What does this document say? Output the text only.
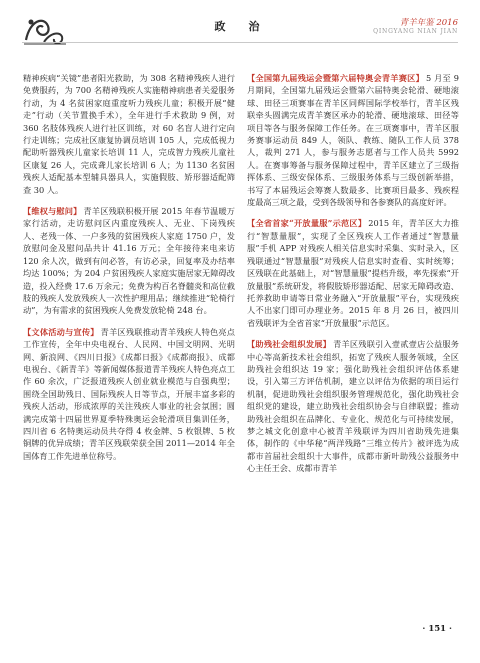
政　治	青羊年鉴 2016
QINGYANG NIAN JIAN

精神疾病“关镜”患者阳光救助，为 308 名精神残疾人进行免费服药，为 700 名精神残疾人实施精神病患者关爱服务行动，为 4 名贫困家庭重度听力残疾儿童；积极开展“健走”行动（关节置换手术），全年进行手术救助 9 例，对 360 名肢体残疾人进行社区训练，对 60 名盲人进行定向行走训练；完成社区康复协调员培训 105 人，完成低视力配助听器残疾儿童家长培训 11 人，完成智力残疾儿童社区康复 26 人，完成聋儿家长培训 6 人；为 1130 名贫困残疾人适配基本型辅具器具人，实施假肢、矫形器适配筛查 30 人。

【维权与慰问】 青羊区残联积极开展 2015 年春节温暖万家行活动，走访慰问区内重度残疾人、无业、下岗残疾人、老残一体、一户多残的贫困残疾人家庭 1750 户，发放慰问金及慰问品共计 41.16 万元；全年接待来电来访 120 余人次，做到有问必答，有访必录，回复率及办结率均达 100%；为 204 户贫困残疾人家庭实施居家无障碍改造，投入经费 17.6 万余元；免费为构百名脊髓炎和高位截肢的残疾人发放残疾人一次性护理用品；继续推进“轮椅行动”，为有需求的贫困残疾人免费发放轮椅 248 台。

【文体活动与宣传】 青羊区残联推动青羊残疾人特色亮点工作宣传，全年中央电视台、人民网、中国文明网、光明网、新浪网、《四川日报》《成都日报》《成都商报》、成都电视台、《新青羊》等新闻媒体报道青羊残疾人特色亮点工作 60 余次，广泛报道残疾人创业就业模范与自强典型；围绕全国助残日、国际残疾人日等节点，开展丰富多彩的残疾人活动，形成浓厚的关注残疾人事业的社会氛围；圆满完成第十四届世界夏季特殊奥运会轮滑项目集训任务，四川省 6 名特奥运动员共夺得 4 枚金牌、5 枚银牌、5 枚铜牌的优异成绩；青羊区残联荣获全国 2011—2014 年全国体育工作先进单位称号。

【全国第九届残运会暨第六届特奥会青羊赛区】 5 月至 9 月期间，全国第九届残运会暨第六届特奥会轮滑、硬地滚球、田径三项赛事在青羊区同辉国际学校举行，青羊区残联牵头圆满完成青羊赛区承办的轮滑、硬地滚球、田径等项目等各与服务保障工作任务。在三项赛事中，青羊区服务赛事运动员 849 人，领队、教练、随队工作人员 378 人，裁判 271 人，参与服务志愿者与工作人员共 5992 人。在赛事筹备与服务保障过程中，青羊区建立了三级指挥体系、三级安保体系、三级服务体系与三级创新举措，书写了本届残运会筹赛人数最多、比赛项目最多、残疾程度最高三项之最，受到各级领导和各参赛队的高度好评。

【全省首家“开放量服”示范区】 2015 年，青羊区大力推行“智慧量服”，实现了全区残疾人工作者通过“智慧量服”手机 APP 对残疾人相关信息实时采集、实时录入，区残联通过“智慧量服”对残疾人信息实时查看、实时统筹；区残联在此基础上，对“智慧量服”提档升级，率先探索“开放量服”系统研发，将假肢矫形器适配、居家无障碍改造、托养救助申请等日常业务融入“开放量服”平台，实现残疾人不出家门即可办理业务。2015 年 8 月 26 日，被四川省残联评为全省首家“开放量服”示范区。

【助残社会组织发展】 青羊区残联引入壹贰壹店公益服务中心等高新技术社会组织，拓宽了残疾人服务领域，全区助残社会组织达 19 家；强化助残社会组织评估体系建设，引入第三方评估机制，建立以评估为依据的项目运行机制，促进助残社会组织服务管理规范化，强化助残社会组织党的建设，建立助残社会组织协会与自律联盟；推动助残社会组织在品牌化、专业化、规范化与可持续发展，梦之城文化创意中心被青羊残联评为四川省助残先进集体，制作的《中华秘“两洋残路”三维立传片》被评选为成都市首届社会组织十大事件，成都市新叶助残公益服务中心主任王会、成都市青羊

· 151 ·
